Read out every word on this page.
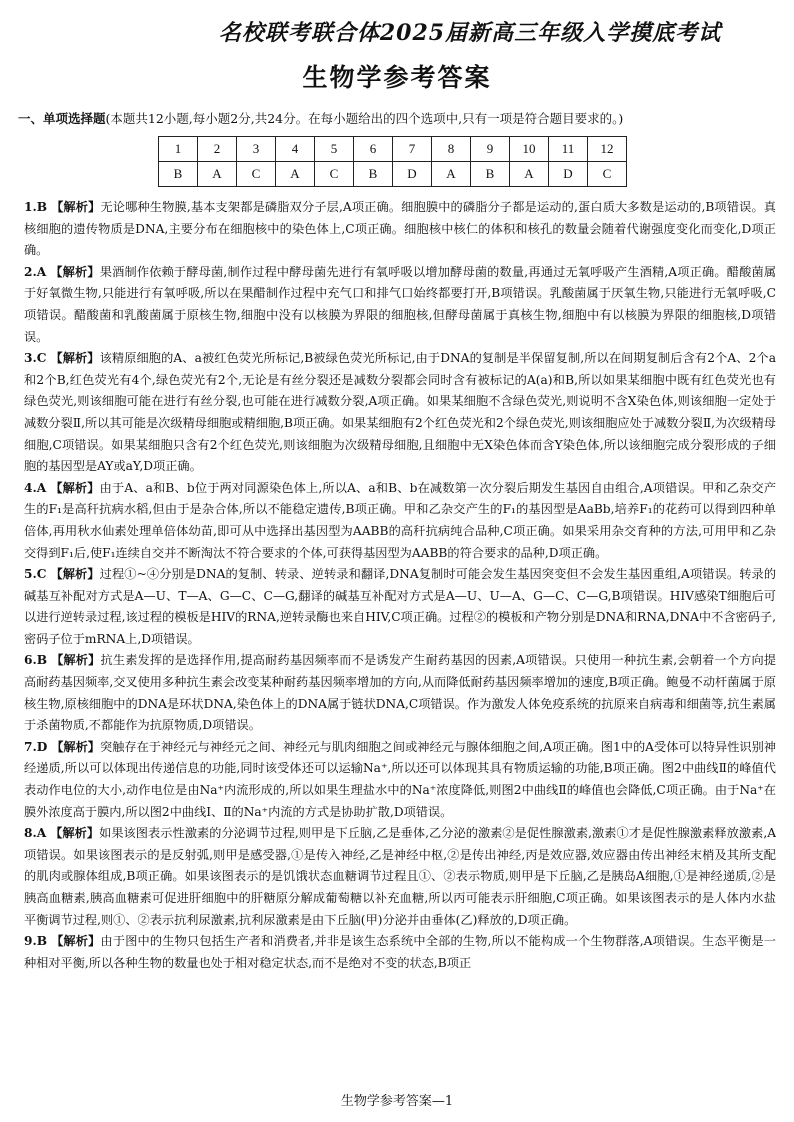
名校联考联合体2025届新高三年级入学摸底考试
生物学参考答案
一、单项选择题(本题共12小题,每小题2分,共24分。在每小题给出的四个选项中,只有一项是符合题目要求的。)
1	2	3	4	5	6	7	8	9	10	11	12
B	A	C	A	C	B	D	A	B	A	D	C

1.B 【解析】无论哪种生物膜,基本支架都是磷脂双分子层,A项正确。细胞膜中的磷脂分子都是运动的,蛋白质大多数是运动的,B项错误。真核细胞的遗传物质是DNA,主要分布在细胞核中的染色体上,C项正确。细胞核中核仁的体积和核孔的数量会随着代谢强度变化而变化,D项正确。

2.A 【解析】果酒制作依赖于酵母菌,制作过程中酵母菌先进行有氧呼吸以增加酵母菌的数量,再通过无氧呼吸产生酒精,A项正确。醋酸菌属于好氧微生物,只能进行有氧呼吸,所以在果醋制作过程中充气口和排气口始终都要打开,B项错误。乳酸菌属于厌氧生物,只能进行无氧呼吸,C项错误。醋酸菌和乳酸菌属于原核生物,细胞中没有以核膜为界限的细胞核,但酵母菌属于真核生物,细胞中有以核膜为界限的细胞核,D项错误。

3.C 【解析】该精原细胞的A、a被红色荧光所标记,B被绿色荧光所标记,由于DNA的复制是半保留复制,所以在间期复制后含有2个A、2个a和2个B,红色荧光有4个,绿色荧光有2个,无论是有丝分裂还是减数分裂都会同时含有被标记的A(a)和B,所以如果某细胞中既有红色荧光也有绿色荧光,则该细胞可能在进行有丝分裂,也可能在进行减数分裂,A项正确。如果某细胞不含绿色荧光,则说明不含X染色体,则该细胞一定处于减数分裂Ⅱ,所以其可能是次级精母细胞或精细胞,B项正确。如果某细胞有2个红色荧光和2个绿色荧光,则该细胞应处于减数分裂Ⅱ,为次级精母细胞,C项错误。如果某细胞只含有2个红色荧光,则该细胞为次级精母细胞,且细胞中无X染色体而含Y染色体,所以该细胞完成分裂形成的子细胞的基因型是AY或aY,D项正确。

4.A 【解析】由于A、a和B、b位于两对同源染色体上,所以A、a和B、b在减数第一次分裂后期发生基因自由组合,A项错误。甲和乙杂交产生的F₁是高秆抗病水稻,但由于是杂合体,所以不能稳定遗传,B项正确。甲和乙杂交产生的F₁的基因型是AaBb,培养F₁的花药可以得到四种单倍体,再用秋水仙素处理单倍体幼苗,即可从中选择出基因型为AABB的高秆抗病纯合品种,C项正确。如果采用杂交育种的方法,可用甲和乙杂交得到F₁后,使F₁连续自交并不断淘汰不符合要求的个体,可获得基因型为AABB的符合要求的品种,D项正确。

5.C 【解析】过程①~④分别是DNA的复制、转录、逆转录和翻译,DNA复制时可能会发生基因突变但不会发生基因重组,A项错误。转录的碱基互补配对方式是A—U、T—A、G—C、C—G,翻译的碱基互补配对方式是A—U、U—A、G—C、C—G,B项错误。HIV感染T细胞后可以进行逆转录过程,该过程的模板是HIV的RNA,逆转录酶也来自HIV,C项正确。过程②的模板和产物分别是DNA和RNA,DNA中不含密码子,密码子位于mRNA上,D项错误。

6.B 【解析】抗生素发挥的是选择作用,提高耐药基因频率而不是诱发产生耐药基因的因素,A项错误。只使用一种抗生素,会朝着一个方向提高耐药基因频率,交叉使用多种抗生素会改变某种耐药基因频率增加的方向,从而降低耐药基因频率增加的速度,B项正确。鲍曼不动杆菌属于原核生物,原核细胞中的DNA是环状DNA,染色体上的DNA属于链状DNA,C项错误。作为激发人体免疫系统的抗原来自病毒和细菌等,抗生素属于杀菌物质,不都能作为抗原物质,D项错误。

7.D 【解析】突触存在于神经元与神经元之间、神经元与肌肉细胞之间或神经元与腺体细胞之间,A项正确。图1中的A受体可以特异性识别神经递质,所以可以体现出传递信息的功能,同时该受体还可以运输Na⁺,所以还可以体现其具有物质运输的功能,B项正确。图2中曲线Ⅱ的峰值代表动作电位的大小,动作电位是由Na⁺内流形成的,所以如果生理盐水中的Na⁺浓度降低,则图2中曲线Ⅱ的峰值也会降低,C项正确。由于Na⁺在膜外浓度高于膜内,所以图2中曲线Ⅰ、Ⅱ的Na⁺内流的方式是协助扩散,D项错误。

8.A 【解析】如果该图表示性激素的分泌调节过程,则甲是下丘脑,乙是垂体,乙分泌的激素②是促性腺激素,激素①才是促性腺激素释放激素,A项错误。如果该图表示的是反射弧,则甲是感受器,①是传入神经,乙是神经中枢,②是传出神经,丙是效应器,效应器由传出神经末梢及其所支配的肌肉或腺体组成,B项正确。如果该图表示的是饥饿状态血糖调节过程且①、②表示物质,则甲是下丘脑,乙是胰岛A细胞,①是神经递质,②是胰高血糖素,胰高血糖素可促进肝细胞中的肝糖原分解成葡萄糖以补充血糖,所以丙可能表示肝细胞,C项正确。如果该图表示的是人体内水盐平衡调节过程,则①、②表示抗利尿激素,抗利尿激素是由下丘脑(甲)分泌并由垂体(乙)释放的,D项正确。

9.B 【解析】由于图中的生物只包括生产者和消费者,并非是该生态系统中全部的生物,所以不能构成一个生物群落,A项错误。生态平衡是一种相对平衡,所以各种生物的数量也处于相对稳定状态,而不是绝对不变的状态,B项正

生物学参考答案—1
